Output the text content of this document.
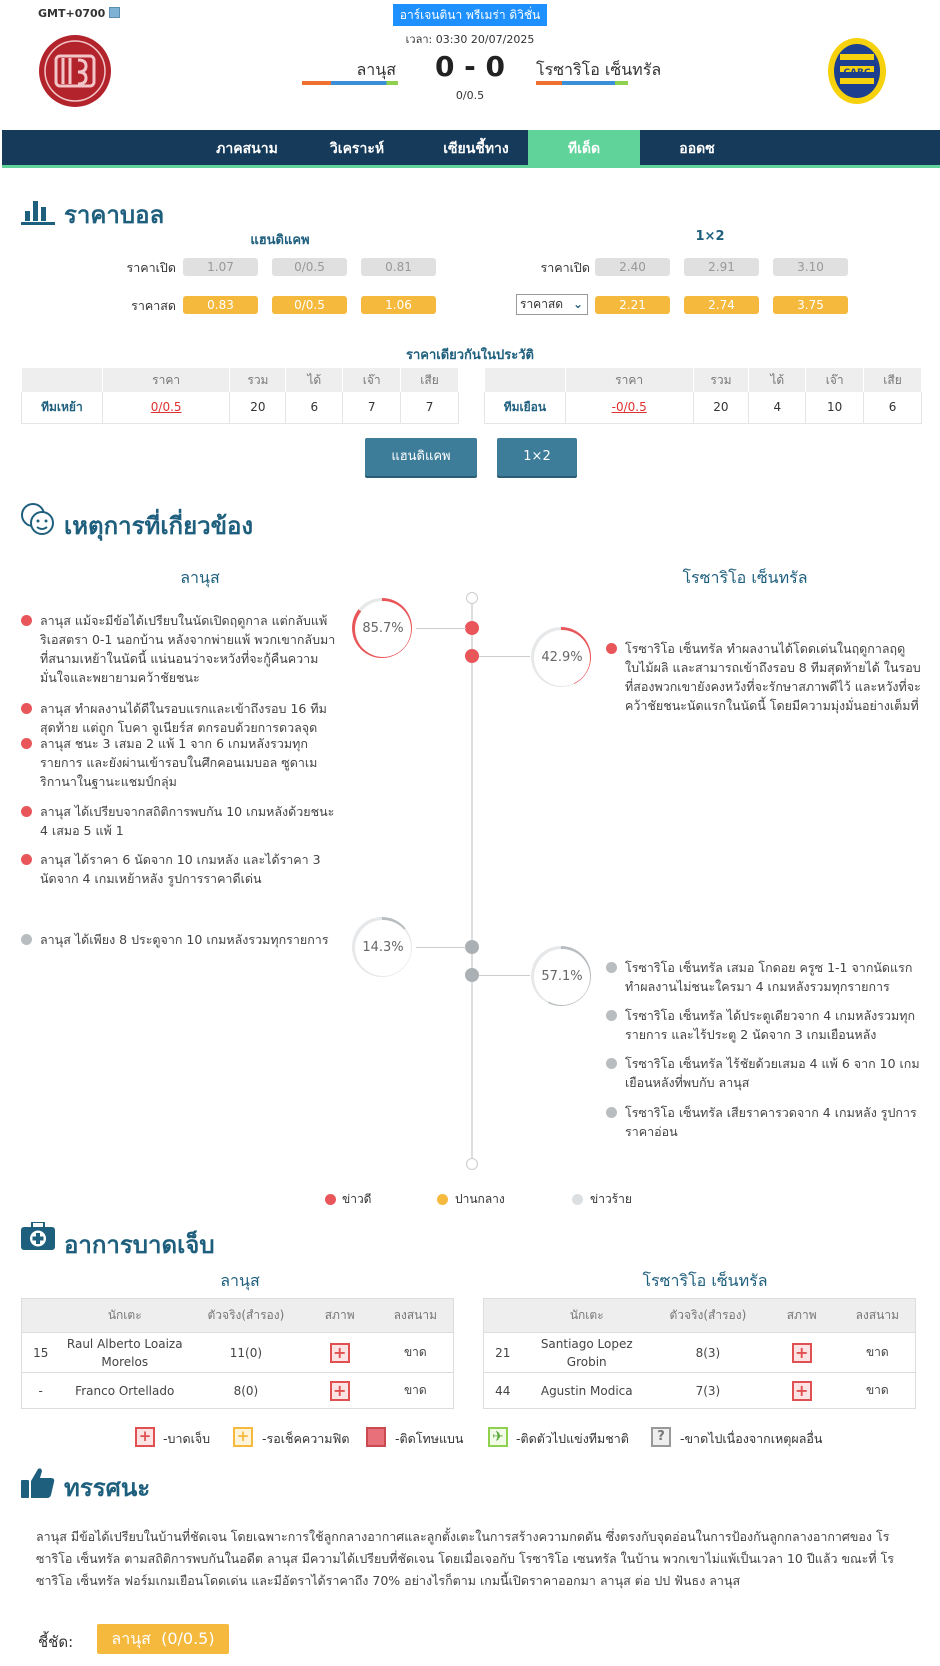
GMT+0700	อาร์เจนตินา พรีเมร่า ดิวิชั่น
เวลา: 03:30 20/07/2025
CARC
ลานุส	0 - 0
0/0.5
โรซาริโอ เซ็นทรัล
ภาคสนาม	วิเคราะห์	เซียนชี้ทาง	ทีเด็ด	ออดซ
ราคาบอล
แฮนดิแคพ	1×2
ราคาเปิด	1.07	0/0.5	0.81
ราคาสด	0.83	0/0.5	1.06
ราคาเปิด	2.40	2.91	3.10
ราคาสด ⌄	2.21	2.74	3.75
ราคาเดียวกันในประวัติ
	ราคา	รวม	ได้	เจ๊า	เสีย
ทีมเหย้า	0/0.5	20	6	7	7
	ราคา	รวม	ได้	เจ๊า	เสีย
ทีมเยือน	-0/0.5	20	4	10	6
แฮนดิแคพ	1×2
เหตุการที่เกี่ยวข้อง
ลานุส	โรซาริโอ เซ็นทรัล
85.7%
42.9%
14.3%
57.1%
ลานุส แม้จะมีข้อได้เปรียบในนัดเปิดฤดูกาล แต่กลับแพ้ ริเอสตรา 0-1 นอกบ้าน หลังจากพ่ายแพ้ พวกเขากลับมาที่สนามเหย้าในนัดนี้ แน่นอนว่าจะหวังที่จะกู้คืนความมั่นใจและพยายามคว้าชัยชนะ
ลานุส ทำผลงานได้ดีในรอบแรกและเข้าถึงรอบ 16 ทีมสุดท้าย แต่ถูก โบคา จูเนียร์ส ตกรอบด้วยการดวลจุด
ลานุส ชนะ 3 เสมอ 2 แพ้ 1 จาก 6 เกมหลังรวมทุกรายการ และยังผ่านเข้ารอบในศึกคอนเมบอล ซูดาเมริกานาในฐานะแชมป์กลุ่ม
ลานุส ได้เปรียบจากสถิติการพบกัน 10 เกมหลังด้วยชนะ 4 เสมอ 5 แพ้ 1
ลานุส ได้ราคา 6 นัดจาก 10 เกมหลัง และได้ราคา 3 นัดจาก 4 เกมเหย้าหลัง รูปการราคาดีเด่น
โรซาริโอ เซ็นทรัล ทำผลงานได้โดดเด่นในฤดูกาลฤดูใบไม้ผลิ และสามารถเข้าถึงรอบ 8 ทีมสุดท้ายได้ ในรอบที่สองพวกเขายังคงหวังที่จะรักษาสภาพดีไว้ และหวังที่จะคว้าชัยชนะนัดแรกในนัดนี้ โดยมีความมุ่งมั่นอย่างเต็มที่
ลานุส ได้เพียง 8 ประตูจาก 10 เกมหลังรวมทุกรายการ
โรซาริโอ เซ็นทรัล เสมอ โกดอย ครูซ 1-1 จากนัดแรก ทำผลงานไม่ชนะใครมา 4 เกมหลังรวมทุกรายการ
โรซาริโอ เซ็นทรัล ได้ประตูเดียวจาก 4 เกมหลังรวมทุกรายการ และไร้ประตู 2 นัดจาก 3 เกมเยือนหลัง
โรซาริโอ เซ็นทรัล ไร้ชัยด้วยเสมอ 4 แพ้ 6 จาก 10 เกมเยือนหลังที่พบกับ ลานุส
โรซาริโอ เซ็นทรัล เสียราคารวดจาก 4 เกมหลัง รูปการราคาอ่อน
ข่าวดี	ปานกลาง	ข่าวร้าย
อาการบาดเจ็บ
ลานุส	โรซาริโอ เซ็นทรัล
	นักเตะ	ตัวจริง(สำรอง)	สภาพ	ลงสนาม
15	Raul Alberto Loaiza Morelos	11(0)	+	ขาด
-	Franco Ortellado	8(0)	+	ขาด
	นักเตะ	ตัวจริง(สำรอง)	สภาพ	ลงสนาม
21	Santiago Lopez Grobin	8(3)	+	ขาด
44	Agustin Modica	7(3)	+	ขาด
+ -บาดเจ็บ + -รอเช็คความฟิต	-ติดโทษแบน ✈ -ติดตัวไปแข่งทีมชาติ	?	-ขาดไปเนื่องจากเหตุผลอื่น
ทรรศนะ
ลานุส มีข้อได้เปรียบในบ้านที่ชัดเจน โดยเฉพาะการใช้ลูกกลางอากาศและลูกตั้งเตะในการสร้างความกดดัน ซึ่งตรงกับจุดอ่อนในการป้องกันลูกกลางอากาศของ โรซาริโอ เซ็นทรัล ตามสถิติการพบกันในอดีต ลานุส มีความได้เปรียบที่ชัดเจน โดยเมื่อเจอกับ โรซาริโอ เซนทรัล ในบ้าน พวกเขาไม่แพ้เป็นเวลา 10 ปีแล้ว ขณะที่ โรซาริโอ เซ็นทรัล ฟอร์มเกมเยือนโดดเด่น และมีอัตราได้ราคาถึง 70% อย่างไรก็ตาม เกมนี้เปิดราคาออกมา ลานุส ต่อ ปป ฟันธง ลานุส
ชี้ชัด:	ลานุส  (0/0.5)
